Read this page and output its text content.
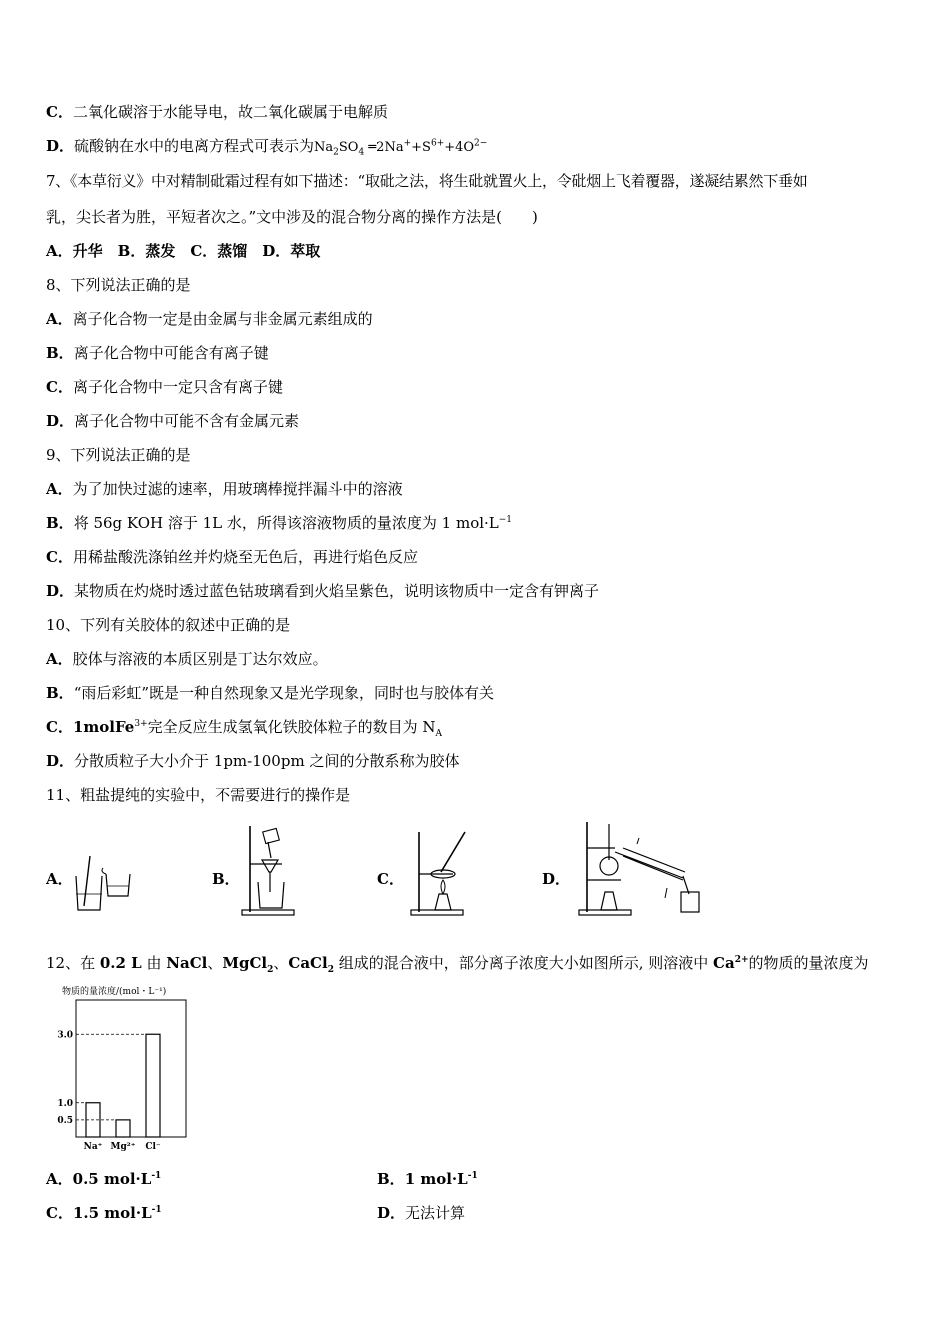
C．二氧化碳溶于水能导电，故二氧化碳属于电解质
D．硫酸钠在水中的电离方程式可表示为$Na_2SO_4$ $═2Na^++S^{6+}+4O^{2-}$
7、《本草衍义》中对精制砒霜过程有如下描述：“取砒之法，将生砒就置火上，令砒烟上飞着覆器，遂凝结累然下垂如
乳，尖长者为胜，平短者次之。”文中涉及的混合物分离的操作方法是(　　)
A．升华　B．蒸发　C．蒸馏　D．萃取
8、下列说法正确的是
A．离子化合物一定是由金属与非金属元素组成的
B．离子化合物中可能含有离子键
C．离子化合物中一定只含有离子键
D．离子化合物中可能不含有金属元素
9、下列说法正确的是
A．为了加快过滤的速率，用玻璃棒搅拌漏斗中的溶液
B．将 56g KOH 溶于 1L 水，所得该溶液物质的量浓度为 1 $mol\cdot L^{-1}$
C．用稀盐酸洗涤铂丝并灼烧至无色后，再进行焰色反应
D．某物质在灼烧时透过蓝色钴玻璃看到火焰呈紫色，说明该物质中一定含有钾离子
10、下列有关胶体的叙述中正确的是
A．胶体与溶液的本质区别是丁达尔效应。
B．“雨后彩虹”既是一种自然现象又是光学现象，同时也与胶体有关
C．1molFe$^{3+}$完全反应生成氢氧化铁胶体粒子的数目为 $N_A$
D．分散质粒子大小介于 1pm-100pm 之间的分散系称为胶体
11、粗盐提纯的实验中，不需要进行的操作是
A．	B．	C．	D．
12、在 0.2 L 由 NaCl、MgCl$_2$、CaCl$_2$ 组成的混合液中，部分离子浓度大小如图所示, 则溶液中 $Ca^{2+}$的物质的量浓度为
物质的量浓度/(mol・L⁻¹)
3.0
1.0
0.5
Na⁺ Mg²⁺ Cl⁻
A．0.5 $mol\cdot L^{-1}$	B．1 $mol\cdot L^{-1}$
C．1.5 $mol\cdot L^{-1}$	D．无法计算
